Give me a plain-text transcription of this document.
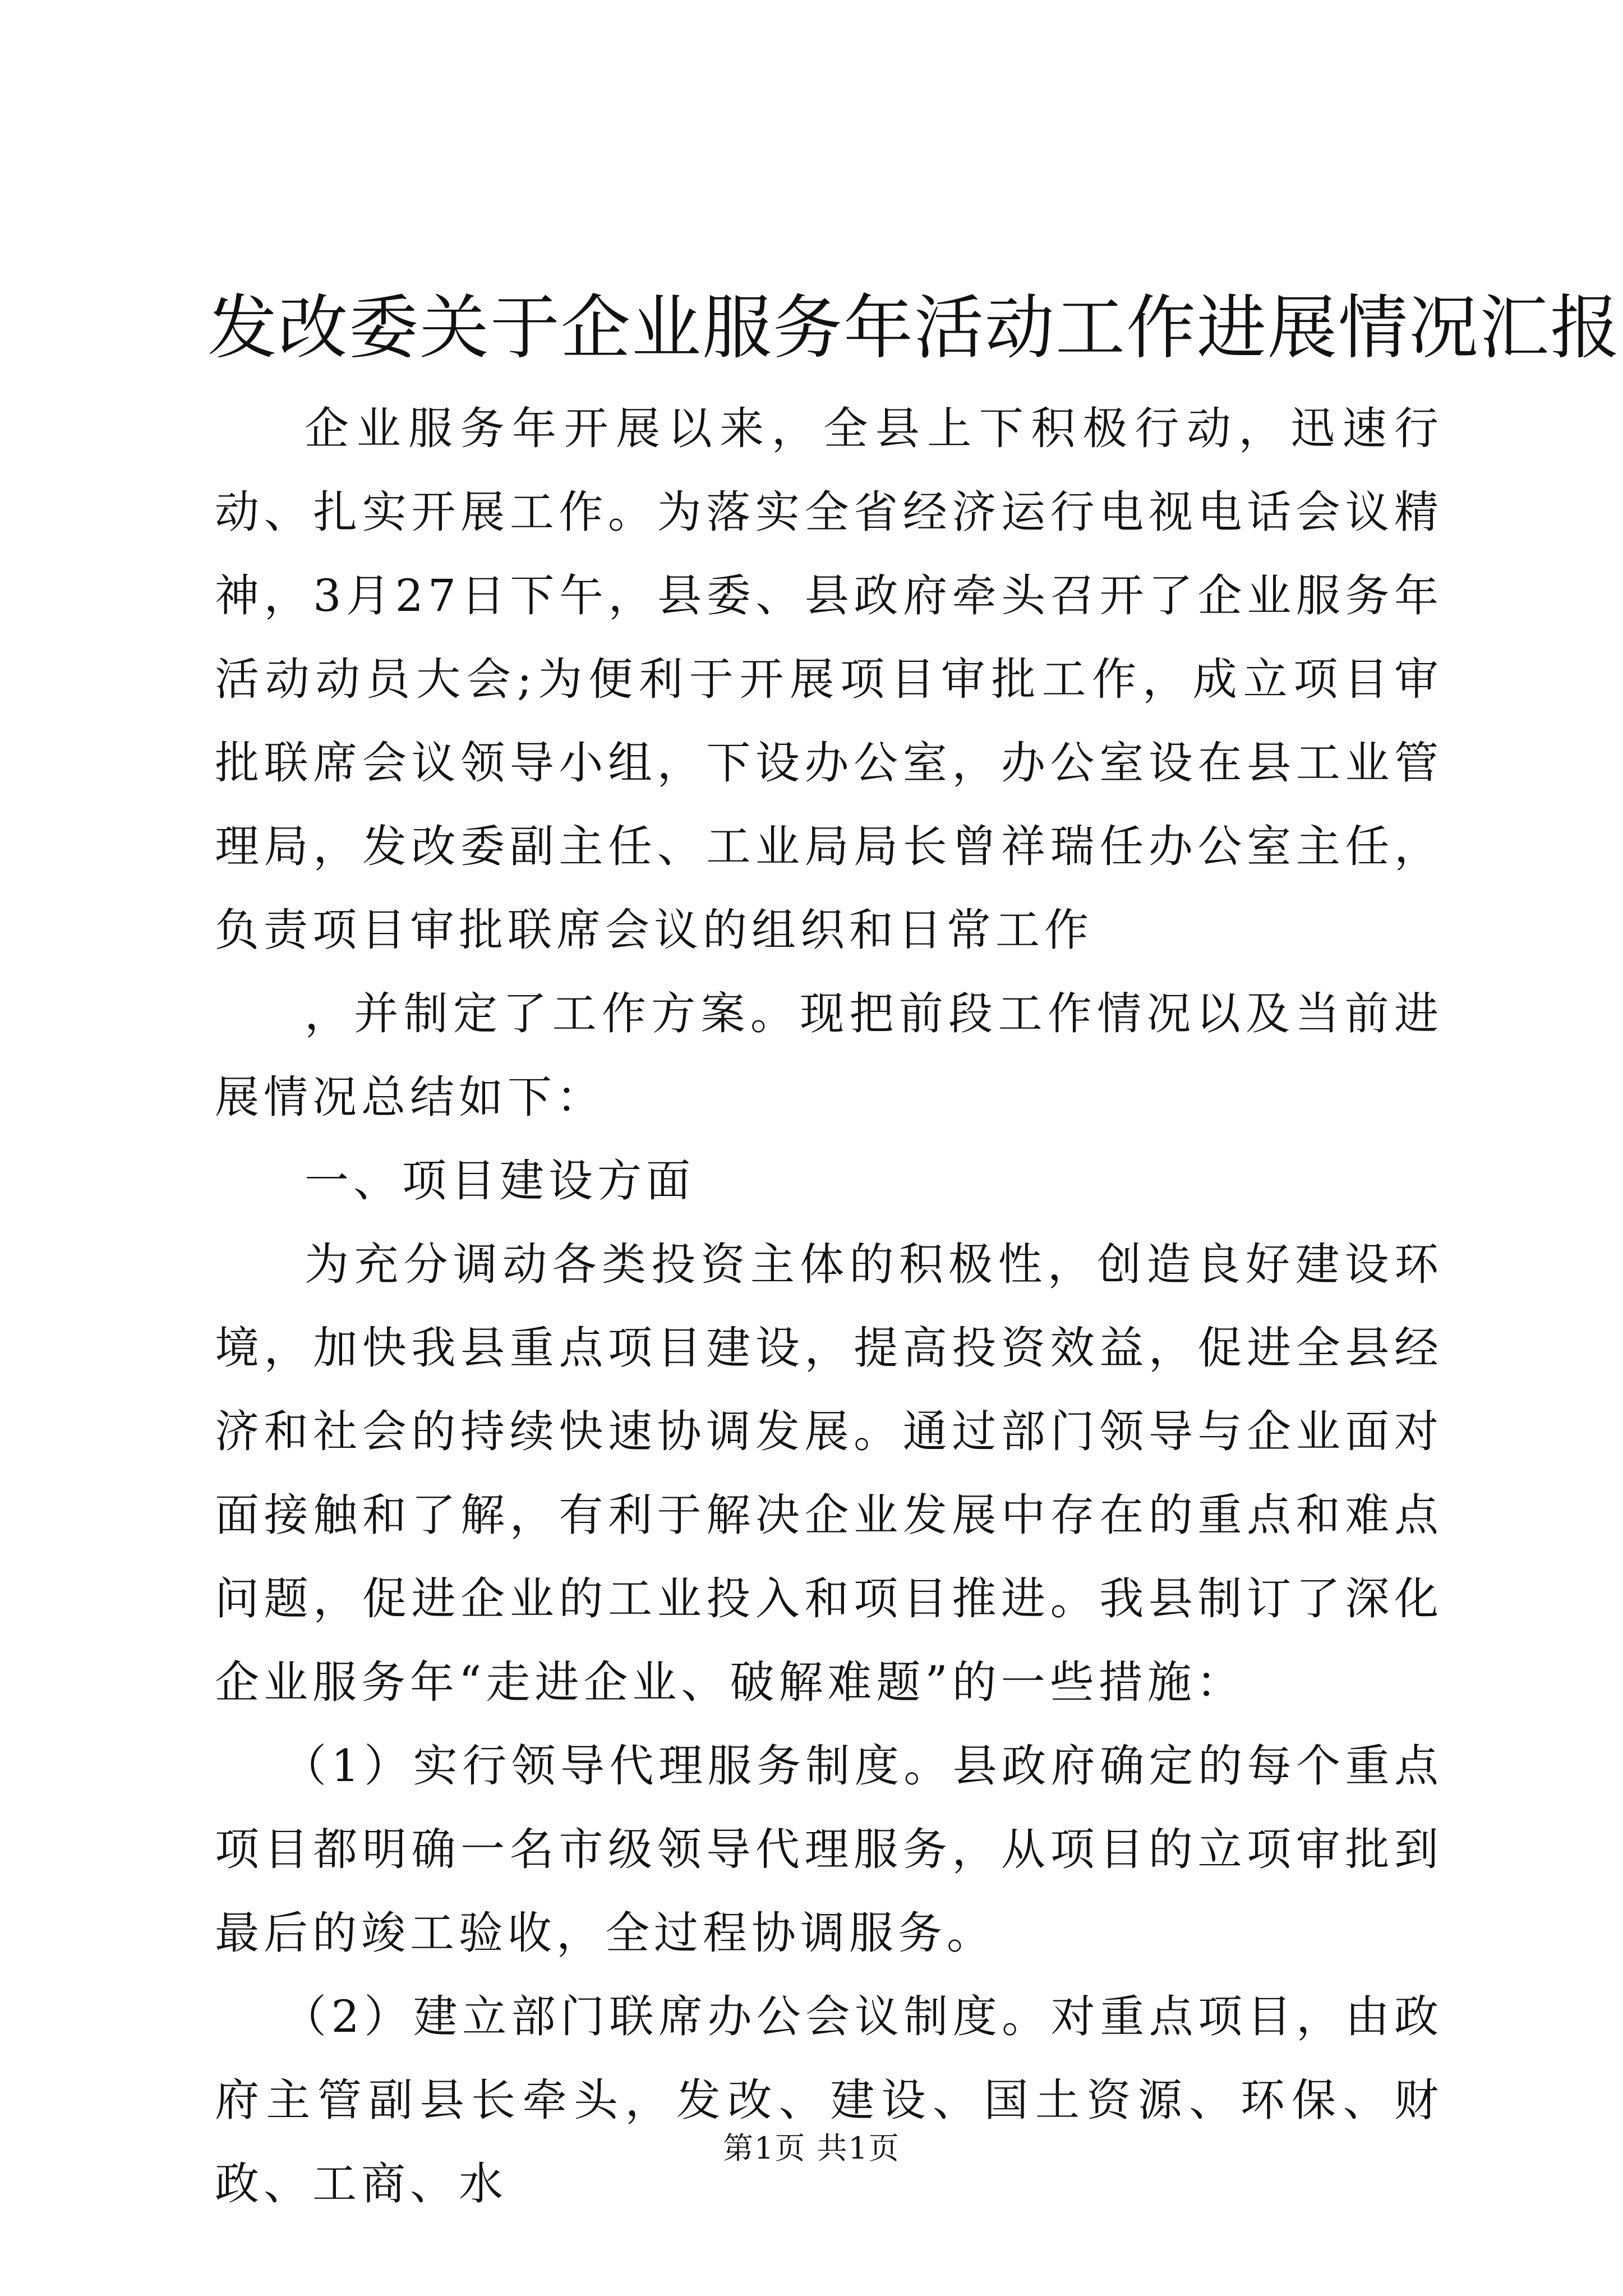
发改委关于企业服务年活动工作进展情况汇报

企业服务年开展以来，全县上下积极行动，迅速行动、扎实开展工作。为落实全省经济运行电视电话会议精神，3月27日下午，县委、县政府牵头召开了企业服务年活动动员大会;为便利于开展项目审批工作，成立项目审批联席会议领导小组，下设办公室，办公室设在县工业管理局，发改委副主任、工业局局长曾祥瑞任办公室主任，负责项目审批联席会议的组织和日常工作

，并制定了工作方案。现把前段工作情况以及当前进展情况总结如下：

一、项目建设方面

为充分调动各类投资主体的积极性，创造良好建设环境，加快我县重点项目建设，提高投资效益，促进全县经济和社会的持续快速协调发展。通过部门领导与企业面对面接触和了解，有利于解决企业发展中存在的重点和难点问题，促进企业的工业投入和项目推进。我县制订了深化企业服务年“走进企业、破解难题”的一些措施：

（1）实行领导代理服务制度。县政府确定的每个重点项目都明确一名市级领导代理服务，从项目的立项审批到最后的竣工验收，全过程协调服务。

（2）建立部门联席办公会议制度。对重点项目，由政府主管副县长牵头，发改、建设、国土资源、环保、财政、工商、水

第1页 共1页
